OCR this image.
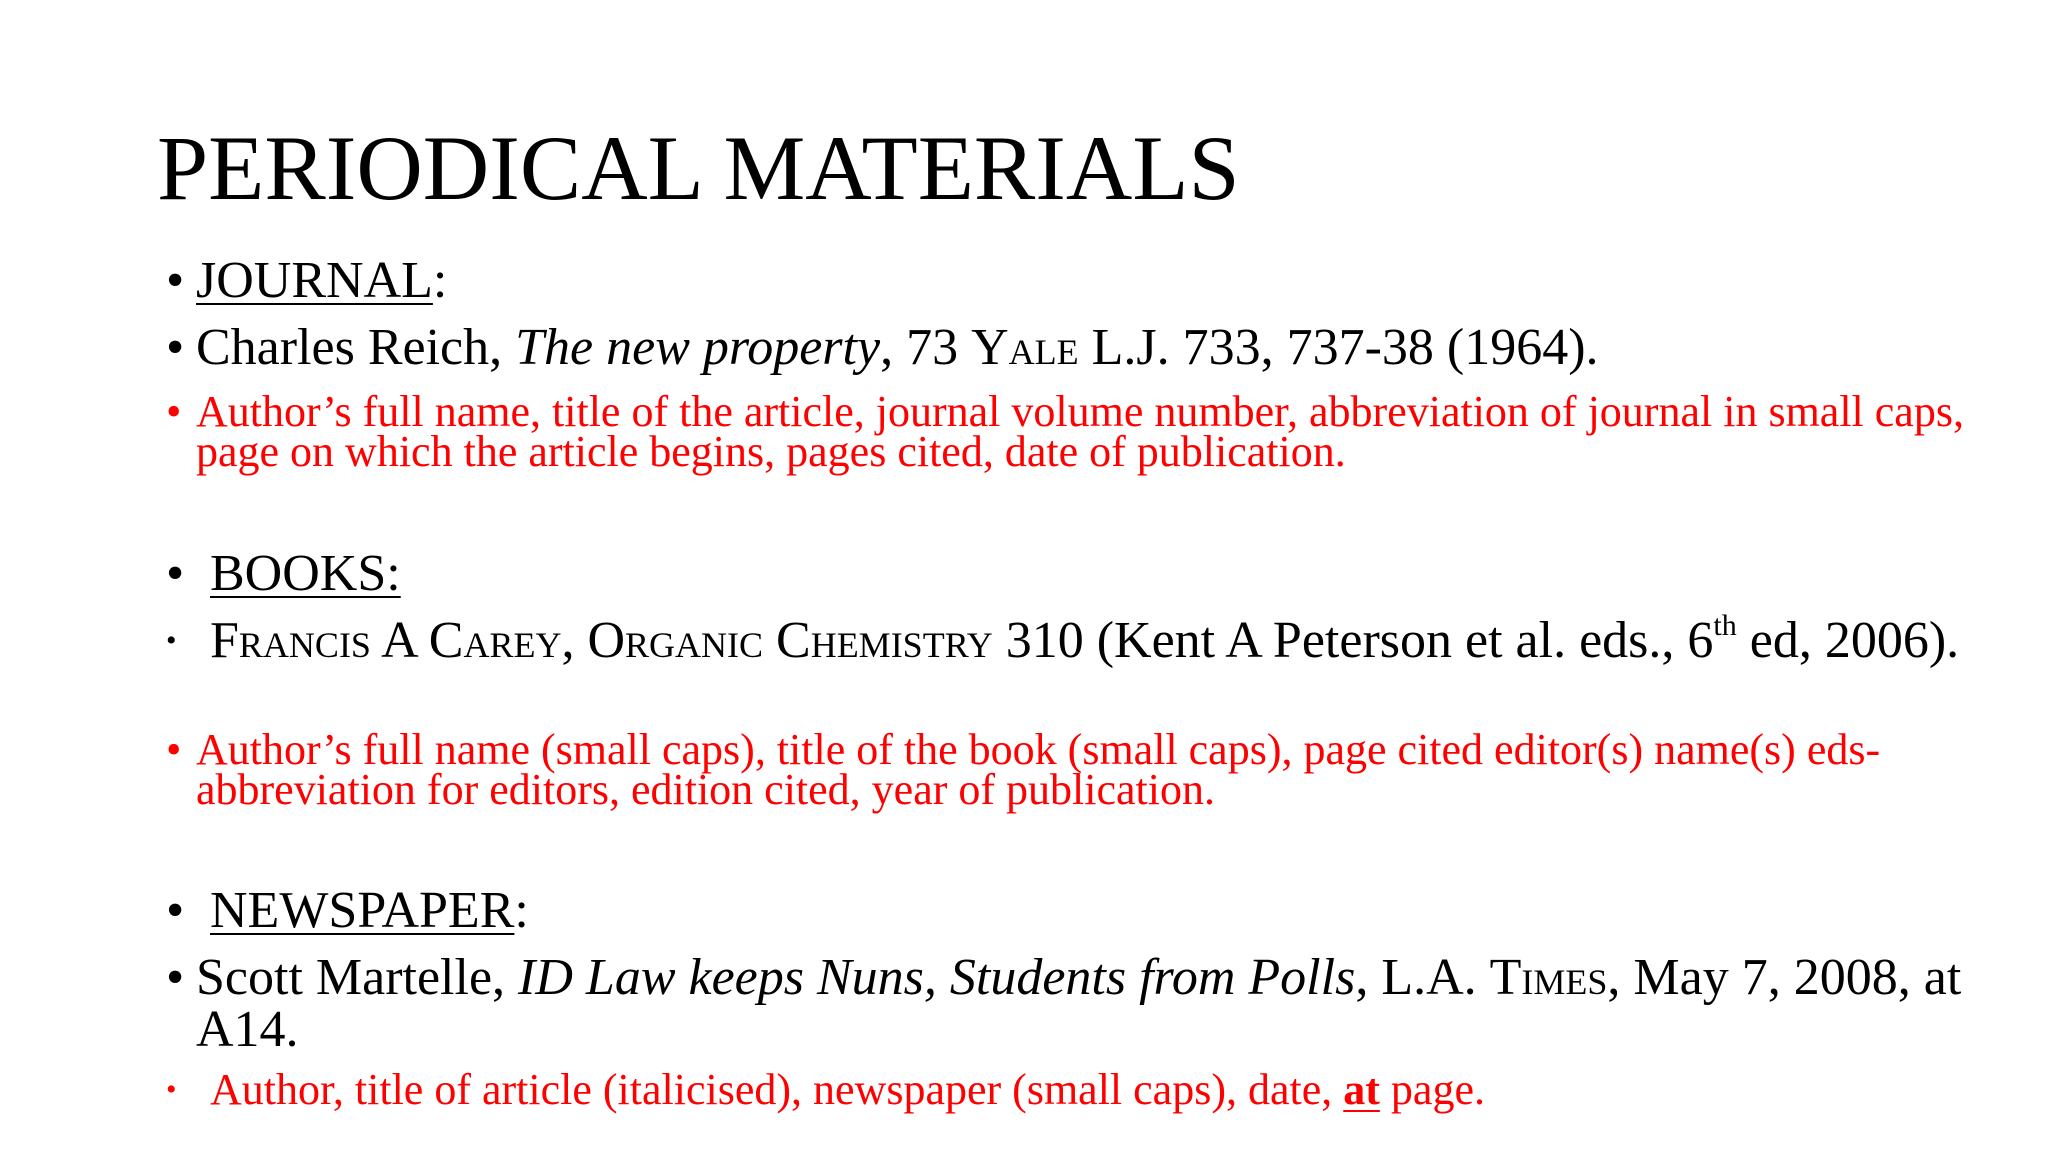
PERIODICAL MATERIALS
• JOURNAL:
• Charles Reich, The new property, 73 Yale L.J. 733, 737-38 (1964).
• Author’s full name, title of the article, journal volume number, abbreviation of journal in small caps, page on which the article begins, pages cited, date of publication.
• BOOKS:
• Francis A Carey, Organic Chemistry 310 (Kent A Peterson et al. eds., 6th ed, 2006).
• Author’s full name (small caps), title of the book (small caps), page cited editor(s) name(s) eds- abbreviation for editors, edition cited, year of publication.
• NEWSPAPER:
• Scott Martelle, ID Law keeps Nuns, Students from Polls, L.A. Times, May 7, 2008, at A14.
• Author, title of article (italicised), newspaper (small caps), date, at page.
